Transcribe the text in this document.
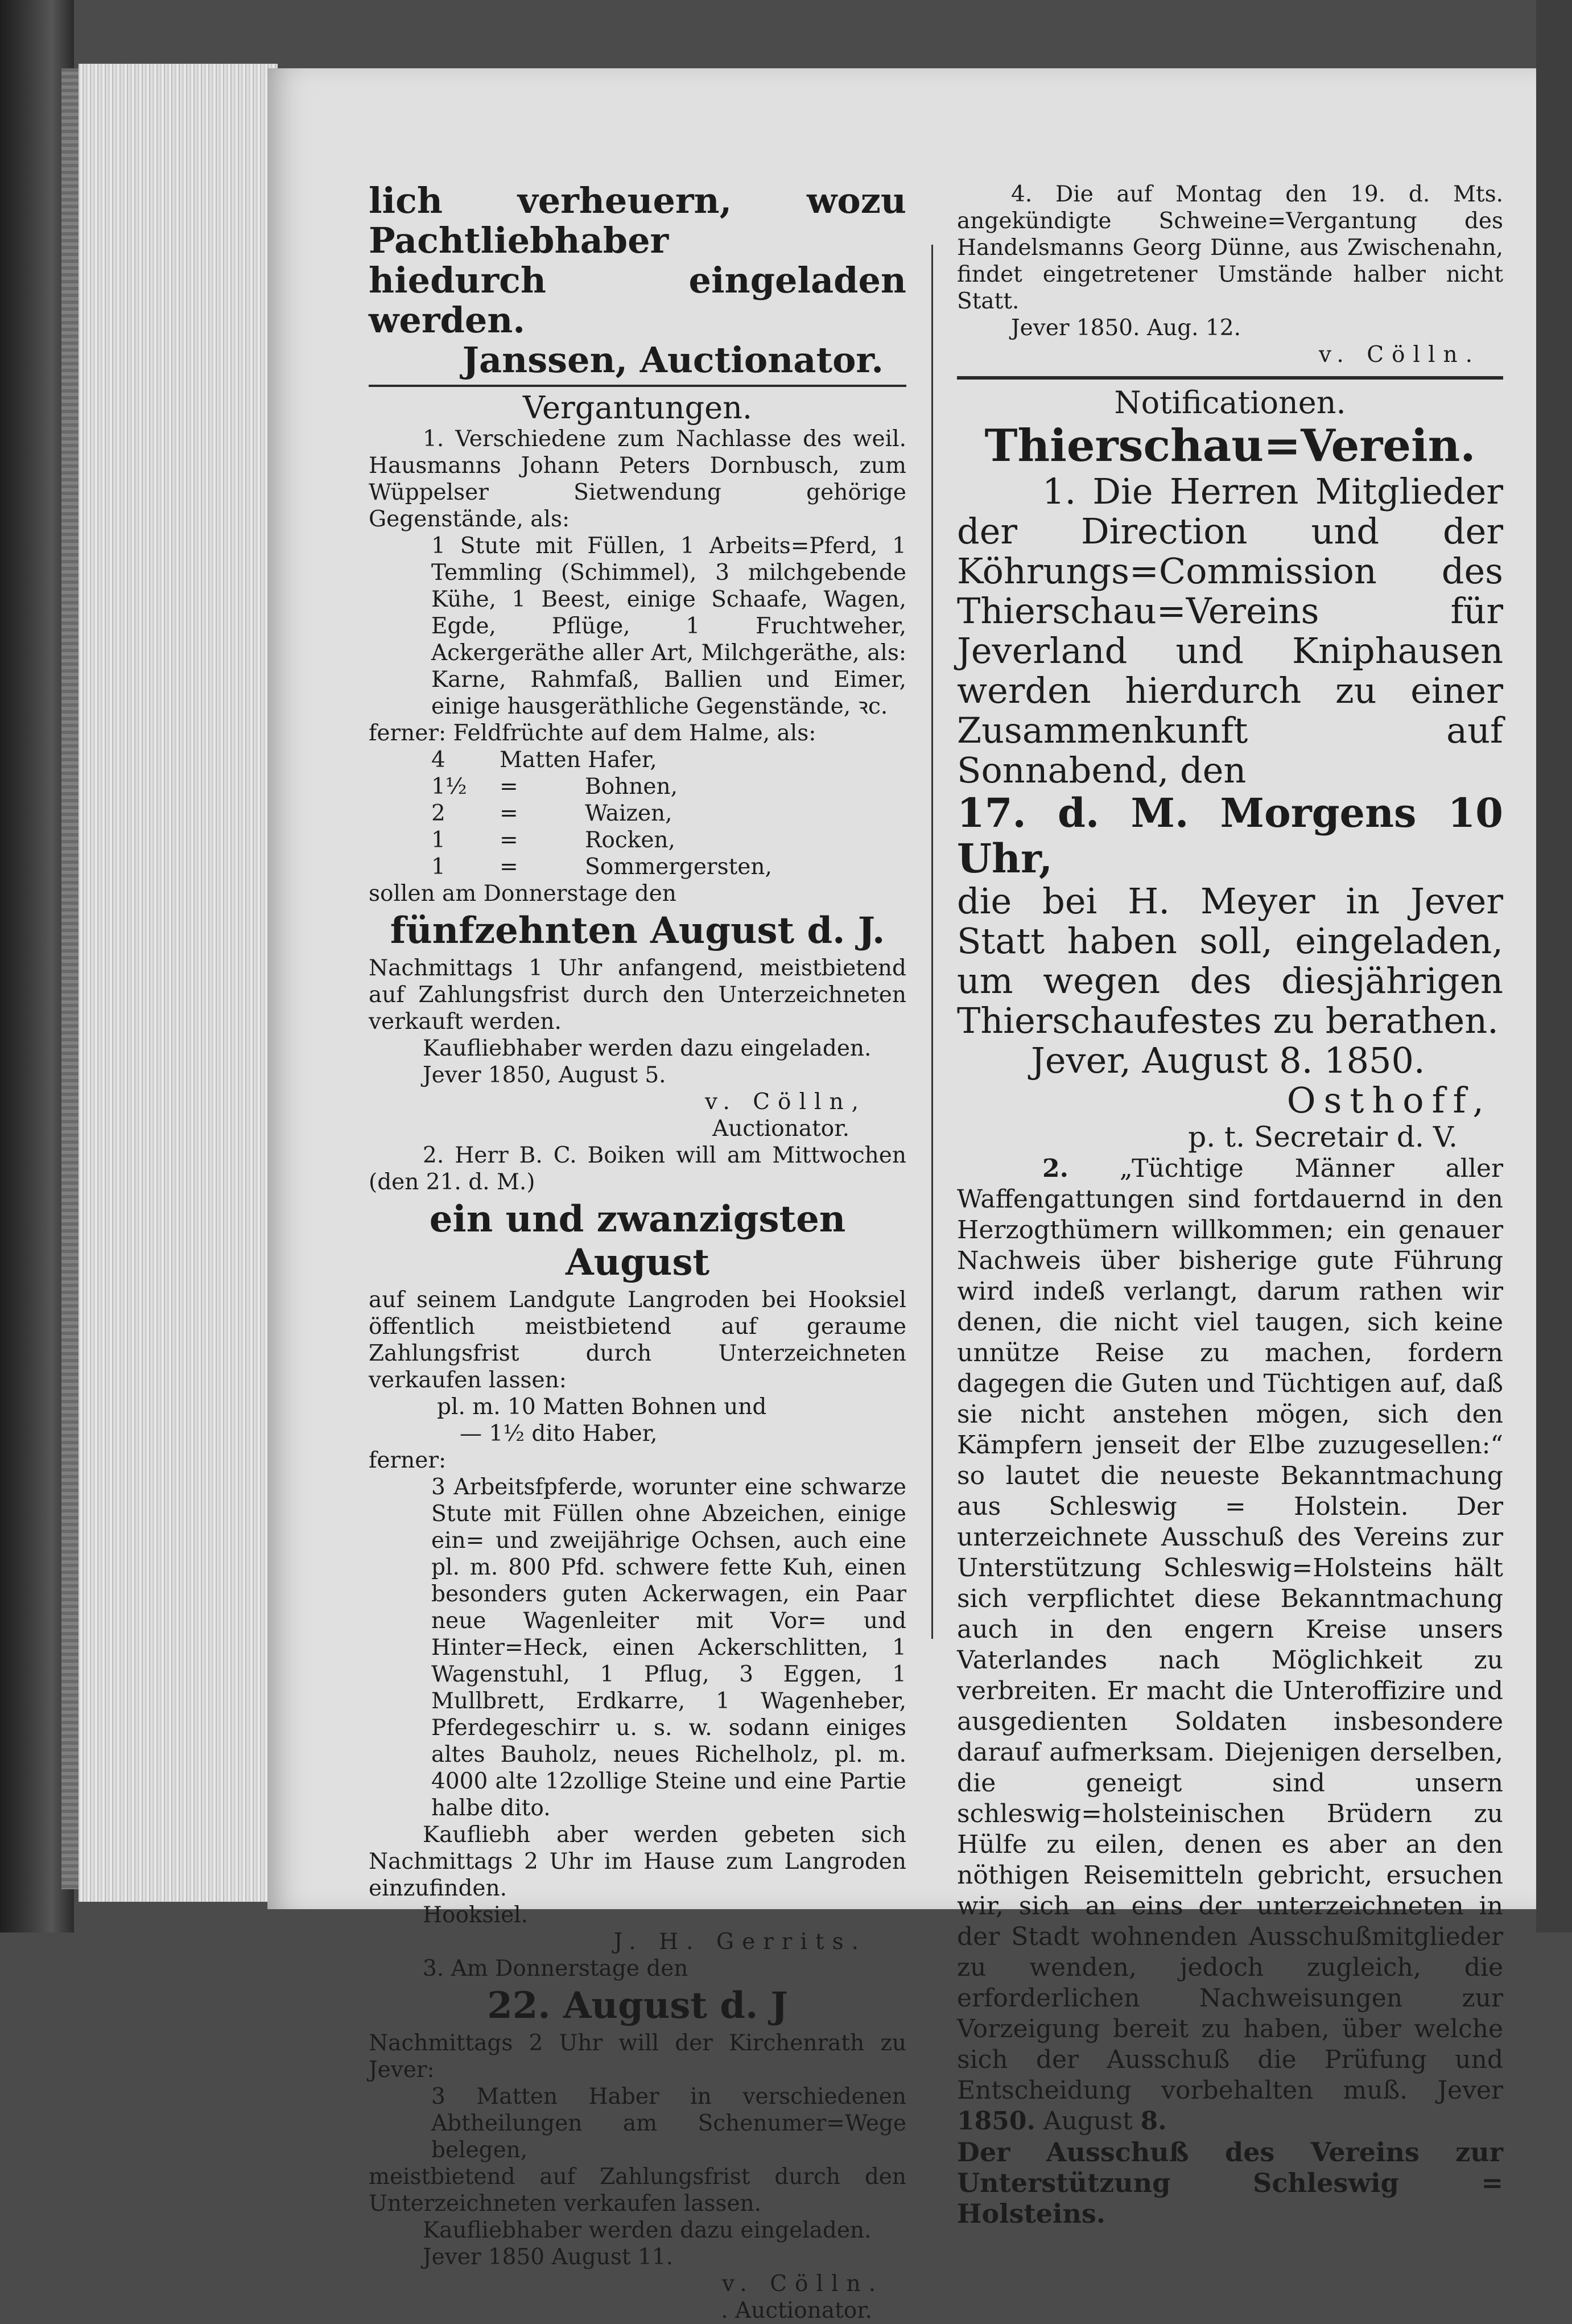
lich verheuern, wozu Pachtliebhaber

hiedurch eingeladen werden.

Janssen, Auctionator.

Vergantungen.

1. Verschiedene zum Nachlasse des weil. Hausmanns Johann Peters Dornbusch, zum Wüppelser Sietwendung gehörige Gegenstände, als:

1 Stute mit Füllen, 1 Arbeits=Pferd, 1 Temmling (Schimmel), 3 milchgebende Kühe, 1 Beest, einige Schaafe, Wagen, Egde, Pflüge, 1 Fruchtweher, Ackergeräthe aller Art, Milchgeräthe, als: Karne, Rahmfaß, Ballien und Eimer, einige hausgeräthliche Gegenstände, ꝛc.

ferner: Feldfrüchte auf dem Halme, als:

4 Matten Hafer,

1½ =	Bohnen,

2 =	Waizen,

1 =	Rocken,

1 =	Sommergersten,

sollen am Donnerstage den

fünfzehnten August d. J.

Nachmittags 1 Uhr anfangend, meistbietend auf Zahlungsfrist durch den Unterzeichneten verkauft werden.

Kaufliebhaber werden dazu eingeladen.

Jever 1850, August 5.

v. Cölln,

Auctionator.

2. Herr B. C. Boiken will am Mittwochen (den 21. d. M.)

ein und zwanzigsten August

auf seinem Landgute Langroden bei Hooksiel öffentlich meistbietend auf geraume Zahlungsfrist durch Unterzeichneten verkaufen lassen:

pl. m. 10 Matten Bohnen und

— 1½ dito Haber,

ferner:

3 Arbeitsfpferde, worunter eine schwarze Stute mit Füllen ohne Abzeichen, einige ein= und zweijährige Ochsen, auch eine pl. m. 800 Pfd. schwere fette Kuh, einen besonders guten Ackerwagen, ein Paar neue Wagenleiter mit Vor= und Hinter=Heck, einen Ackerschlitten, 1 Wagenstuhl, 1 Pflug, 3 Eggen, 1 Mullbrett, Erdkarre, 1 Wagenheber, Pferdegeschirr u. s. w. sodann einiges altes Bauholz, neues Richelholz, pl. m. 4000 alte 12zollige Steine und eine Partie halbe dito.

Kaufliebh aber werden gebeten sich Nachmittags 2 Uhr im Hause zum Langroden einzufinden.

Hooksiel.

J. H. Gerrits.

3. Am Donnerstage den

22. August d. J

Nachmittags 2 Uhr will der Kirchenrath zu Jever:

3 Matten Haber in verschiedenen Abtheilungen am Schenumer=Wege belegen,

meistbietend auf Zahlungsfrist durch den Unterzeichneten verkaufen lassen.

Kaufliebhaber werden dazu eingeladen.

Jever 1850 August 11.

v. Cölln.

. Auctionator.

4. Die auf Montag den 19. d. Mts. angekündigte Schweine=Vergantung des Handelsmanns Georg Dünne, aus Zwischenahn, findet eingetretener Umstände halber nicht Statt.

Jever 1850. Aug. 12.

v. Cölln.

Notificationen.

Thierschau=Verein.

1. Die Herren Mitglieder der Direction und der Köhrungs=Commission des Thierschau=Vereins für Jeverland und Kniphausen werden hierdurch zu einer Zusammenkunft auf Sonnabend, den

17. d. M. Morgens 10 Uhr,

die bei H. Meyer in Jever Statt haben soll, eingeladen, um wegen des diesjährigen Thierschaufestes zu berathen.

Jever, August 8. 1850.

Osthoff,

p. t. Secretair d. V.

2. „Tüchtige Männer aller Waffengattungen sind fortdauernd in den Herzogthümern willkommen; ein genauer Nachweis über bisherige gute Führung wird indeß verlangt, darum rathen wir denen, die nicht viel taugen, sich keine unnütze Reise zu machen, fordern dagegen die Guten und Tüchtigen auf, daß sie nicht anstehen mögen, sich den Kämpfern jenseit der Elbe zuzugesellen:“ so lautet die neueste Bekanntmachung aus Schleswig = Holstein. Der unterzeichnete Ausschuß des Vereins zur Unterstützung Schleswig=Holsteins hält sich verpflichtet diese Bekanntmachung auch in den engern Kreise unsers Vaterlandes nach Möglichkeit zu verbreiten. Er macht die Unteroffizire und ausgedienten Soldaten insbesondere darauf aufmerksam. Diejenigen derselben, die geneigt sind unsern schleswig=holsteinischen Brüdern zu Hülfe zu eilen, denen es aber an den nöthigen Reisemitteln gebricht, ersuchen wir, sich an eins der unterzeichneten in der Stadt wohnenden Ausschußmitglieder zu wenden, jedoch zugleich, die erforderlichen Nachweisungen zur Vorzeigung bereit zu haben, über welche sich der Ausschuß die Prüfung und Entscheidung vorbehalten muß. Jever 1850. August 8.

Der Ausschuß des Vereins zur Unterstützung Schleswig = Holsteins.
